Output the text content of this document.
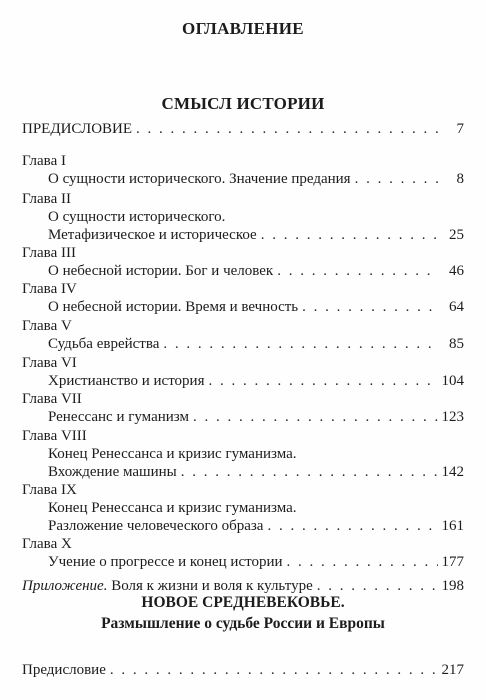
ОГЛАВЛЕНИЕ
СМЫСЛ ИСТОРИИ
ПРЕДИСЛОВИЕ . . .	7
Глава I
О сущности исторического. Значение предания . . .	8
Глава II
О сущности исторического.
Метафизическое и историческое . . .	25
Глава III
О небесной истории. Бог и человек . . .	46
Глава IV
О небесной истории. Время и вечность . . .	64
Глава V
Судьба еврейства . . .	85
Глава VI
Христианство и история . . .	104
Глава VII
Ренессанс и гуманизм . . .	123
Глава VIII
Конец Ренессанса и кризис гуманизма.
Вхождение машины . . .	142
Глава IX
Конец Ренессанса и кризис гуманизма.
Разложение человеческого образа . . .	161
Глава X
Учение о прогрессе и конец истории . . .	177
Приложение. Воля к жизни и воля к культуре . . .	198
НОВОЕ СРЕДНЕВЕКОВЬЕ.
Размышление о судьбе России и Европы
Предисловие . . .	217
